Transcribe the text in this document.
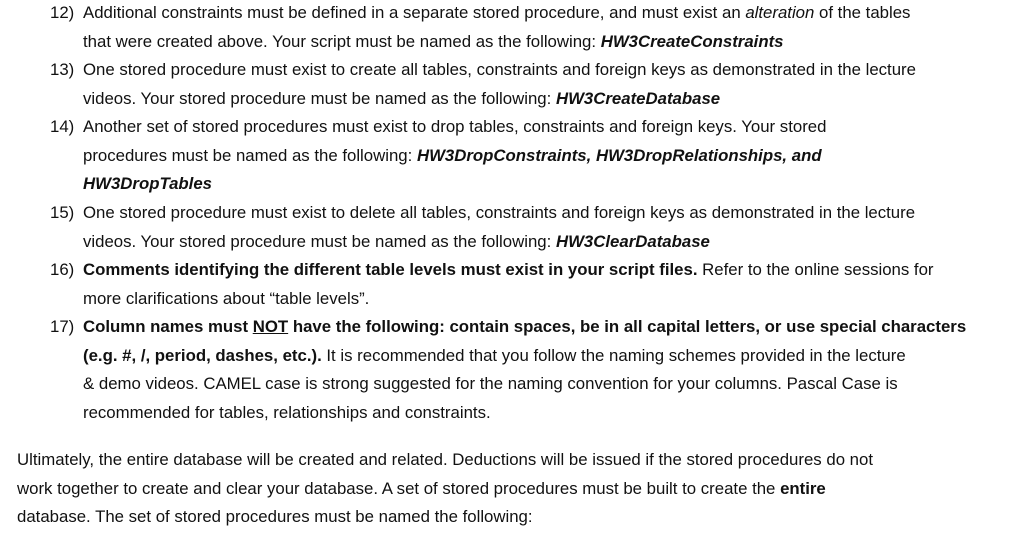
12) Additional constraints must be defined in a separate stored procedure, and must exist an alteration of the tables
that were created above. Your script must be named as the following: HW3CreateConstraints
13) One stored procedure must exist to create all tables, constraints and foreign keys as demonstrated in the lecture
videos. Your stored procedure must be named as the following: HW3CreateDatabase
14) Another set of stored procedures must exist to drop tables, constraints and foreign keys. Your stored
procedures must be named as the following: HW3DropConstraints, HW3DropRelationships, and
HW3DropTables
15) One stored procedure must exist to delete all tables, constraints and foreign keys as demonstrated in the lecture
videos. Your stored procedure must be named as the following: HW3ClearDatabase
16) Comments identifying the different table levels must exist in your script files. Refer to the online sessions for
more clarifications about “table levels”.
17) Column names must NOT have the following: contain spaces, be in all capital letters, or use special characters
(e.g. #, /, period, dashes, etc.). It is recommended that you follow the naming schemes provided in the lecture
& demo videos. CAMEL case is strong suggested for the naming convention for your columns. Pascal Case is
recommended for tables, relationships and constraints.
Ultimately, the entire database will be created and related. Deductions will be issued if the stored procedures do not
work together to create and clear your database. A set of stored procedures must be built to create the entire
database. The set of stored procedures must be named the following:
